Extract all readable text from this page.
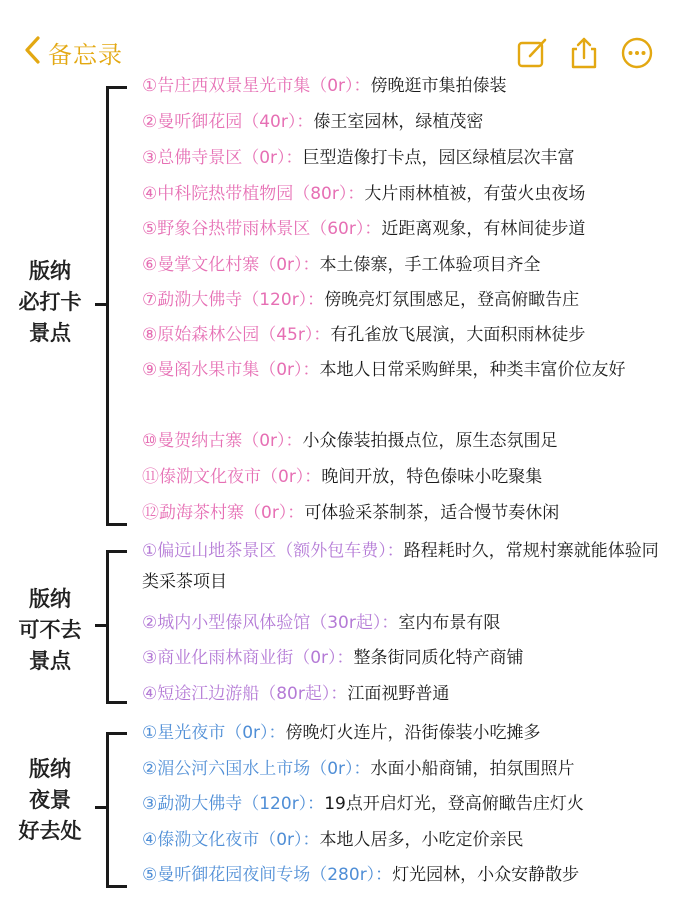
备忘录
版纳
必打卡
景点
①告庄西双景星光市集（0r）：傍晚逛市集拍傣装
②曼听御花园（40r）：傣王室园林，绿植茂密
③总佛寺景区（0r）：巨型造像打卡点，园区绿植层次丰富
④中科院热带植物园（80r）：大片雨林植被，有萤火虫夜场
⑤野象谷热带雨林景区（60r）：近距离观象，有林间徒步道
⑥曼掌文化村寨（0r）：本土傣寨，手工体验项目齐全
⑦勐泐大佛寺（120r）：傍晚亮灯氛围感足，登高俯瞰告庄
⑧原始森林公园（45r）：有孔雀放飞展演，大面积雨林徒步
⑨曼阁水果市集（0r）：本地人日常采购鲜果，种类丰富价位友好
⑩曼贺纳古寨（0r）：小众傣装拍摄点位，原生态氛围足
⑪傣泐文化夜市（0r）：晚间开放，特色傣味小吃聚集
⑫勐海茶村寨（0r）：可体验采茶制茶，适合慢节奏休闲
版纳
可不去
景点
①偏远山地茶景区（额外包车费）：路程耗时久，常规村寨就能体验同类采茶项目
②城内小型傣风体验馆（30r起）：室内布景有限
③商业化雨林商业街（0r）：整条街同质化特产商铺
④短途江边游船（80r起）：江面视野普通
版纳
夜景
好去处
①星光夜市（0r）：傍晚灯火连片，沿街傣装小吃摊多
②湄公河六国水上市场（0r）：水面小船商铺，拍氛围照片
③勐泐大佛寺（120r）：19点开启灯光，登高俯瞰告庄灯火
④傣泐文化夜市（0r）：本地人居多，小吃定价亲民
⑤曼听御花园夜间专场（280r）：灯光园林，小众安静散步
